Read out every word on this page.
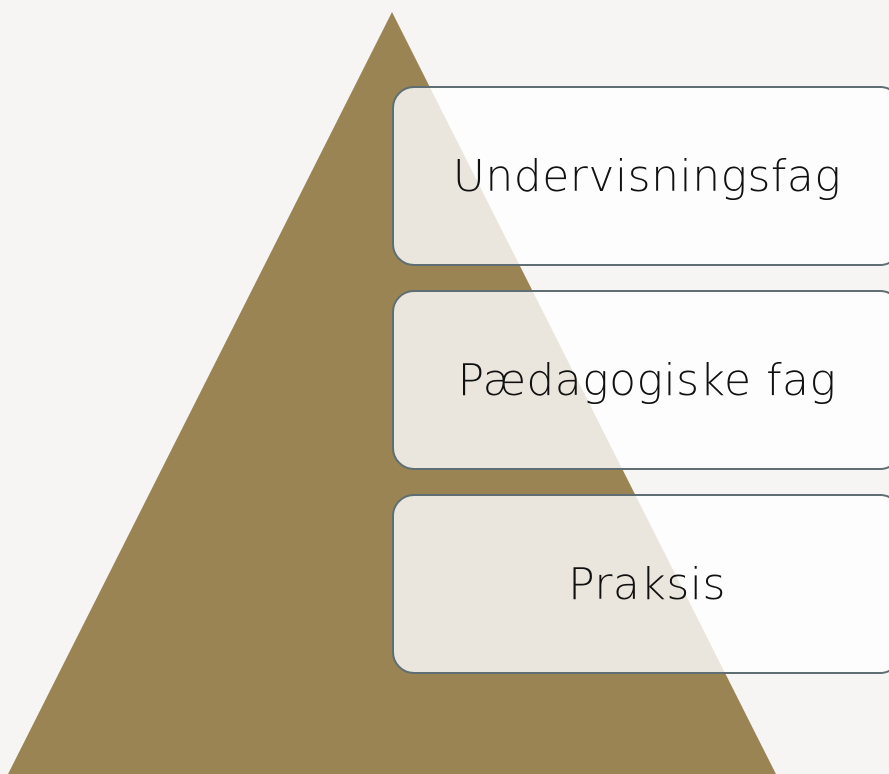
Undervisningsfag
Pædagogiske fag
Praksis
